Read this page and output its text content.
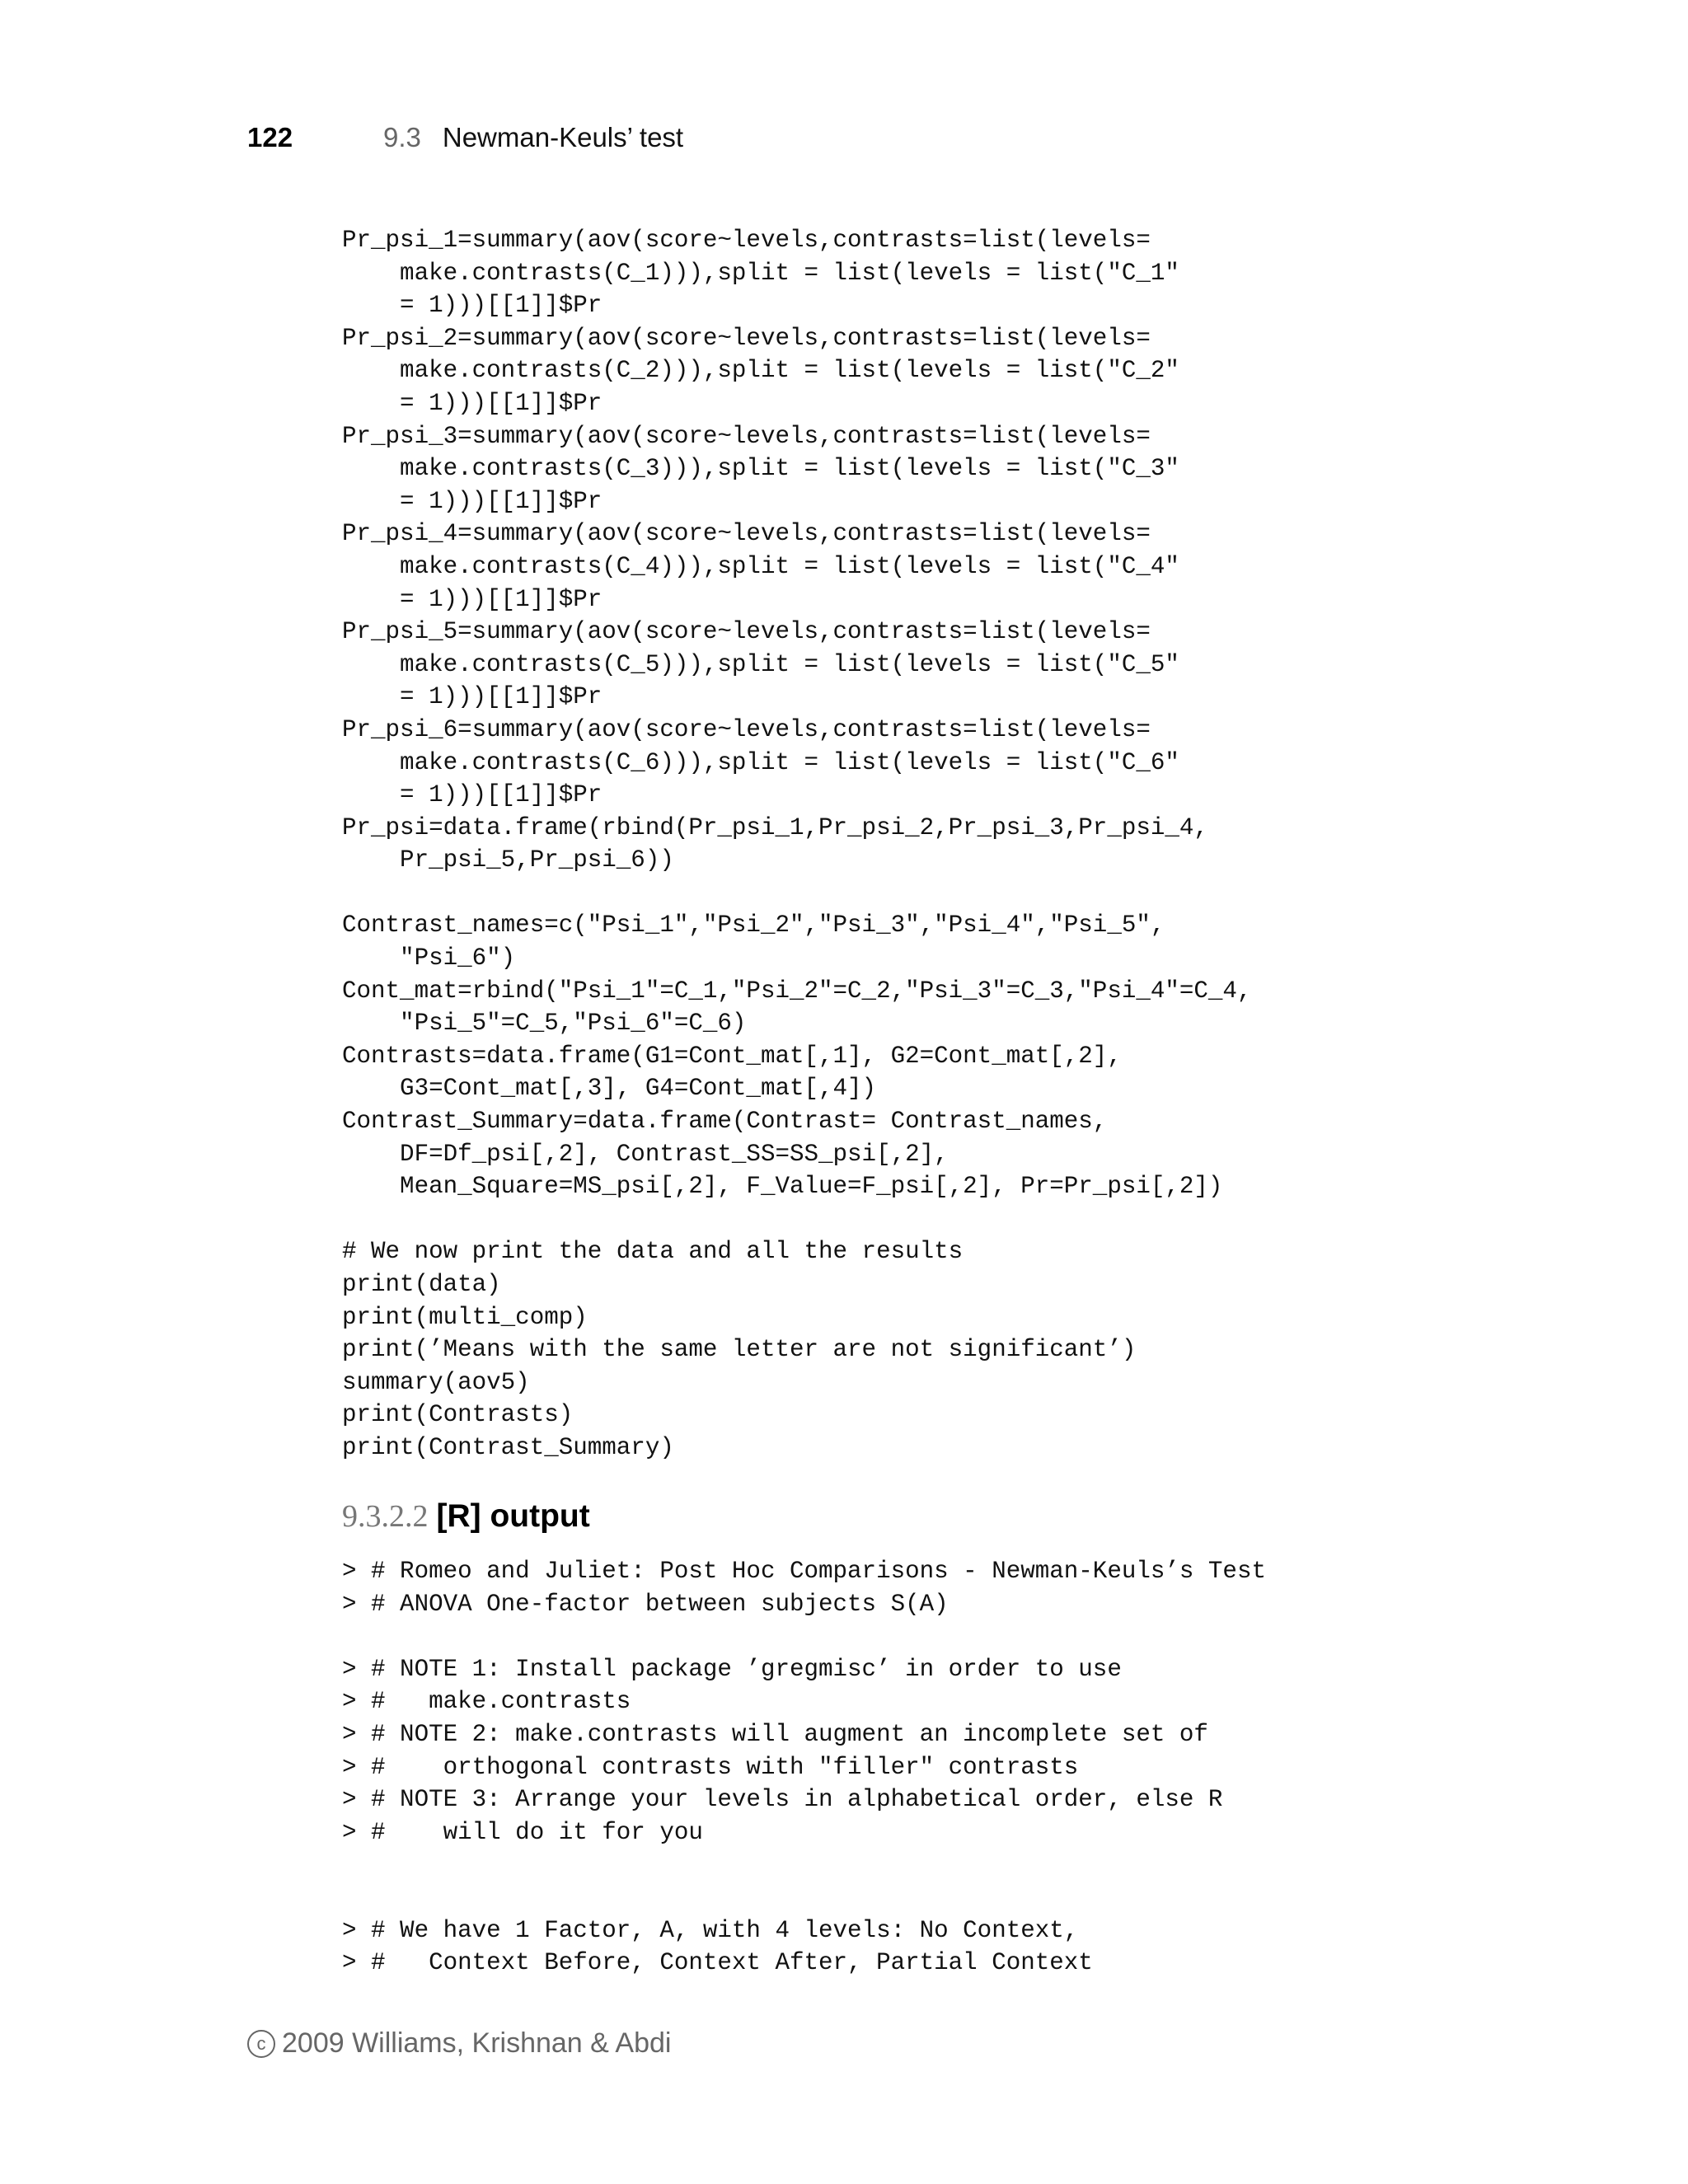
122	9.3 Newman-Keuls’ test
Pr_psi_1=summary(aov(score~levels,contrasts=list(levels=
make.contrasts(C_1))),split = list(levels = list("C_1"
= 1)))[[1]]$Pr
Pr_psi_2=summary(aov(score~levels,contrasts=list(levels=
make.contrasts(C_2))),split = list(levels = list("C_2"
= 1)))[[1]]$Pr
Pr_psi_3=summary(aov(score~levels,contrasts=list(levels=
make.contrasts(C_3))),split = list(levels = list("C_3"
= 1)))[[1]]$Pr
Pr_psi_4=summary(aov(score~levels,contrasts=list(levels=
make.contrasts(C_4))),split = list(levels = list("C_4"
= 1)))[[1]]$Pr
Pr_psi_5=summary(aov(score~levels,contrasts=list(levels=
make.contrasts(C_5))),split = list(levels = list("C_5"
= 1)))[[1]]$Pr
Pr_psi_6=summary(aov(score~levels,contrasts=list(levels=
make.contrasts(C_6))),split = list(levels = list("C_6"
= 1)))[[1]]$Pr
Pr_psi=data.frame(rbind(Pr_psi_1,Pr_psi_2,Pr_psi_3,Pr_psi_4,
Pr_psi_5,Pr_psi_6))

Contrast_names=c("Psi_1","Psi_2","Psi_3","Psi_4","Psi_5",
"Psi_6")
Cont_mat=rbind("Psi_1"=C_1,"Psi_2"=C_2,"Psi_3"=C_3,"Psi_4"=C_4,
"Psi_5"=C_5,"Psi_6"=C_6)
Contrasts=data.frame(G1=Cont_mat[,1], G2=Cont_mat[,2],
G3=Cont_mat[,3], G4=Cont_mat[,4])
Contrast_Summary=data.frame(Contrast= Contrast_names,
DF=Df_psi[,2], Contrast_SS=SS_psi[,2],
Mean_Square=MS_psi[,2], F_Value=F_psi[,2], Pr=Pr_psi[,2])

# We now print the data and all the results
print(data)
print(multi_comp)
print(’Means with the same letter are not significant’)
summary(aov5)
print(Contrasts)
print(Contrast_Summary)
9.3.2.2 [R] output
> # Romeo and Juliet: Post Hoc Comparisons - Newman-Keuls’s Test
> # ANOVA One-factor between subjects S(A)

> # NOTE 1: Install package ’gregmisc’ in order to use
> #   make.contrasts
> # NOTE 2: make.contrasts will augment an incomplete set of
> #    orthogonal contrasts with "filler" contrasts
> # NOTE 3: Arrange your levels in alphabetical order, else R
> #    will do it for you

> # We have 1 Factor, A, with 4 levels: No Context,
> #   Context Before, Context After, Partial Context
c 2009 Williams, Krishnan & Abdi
